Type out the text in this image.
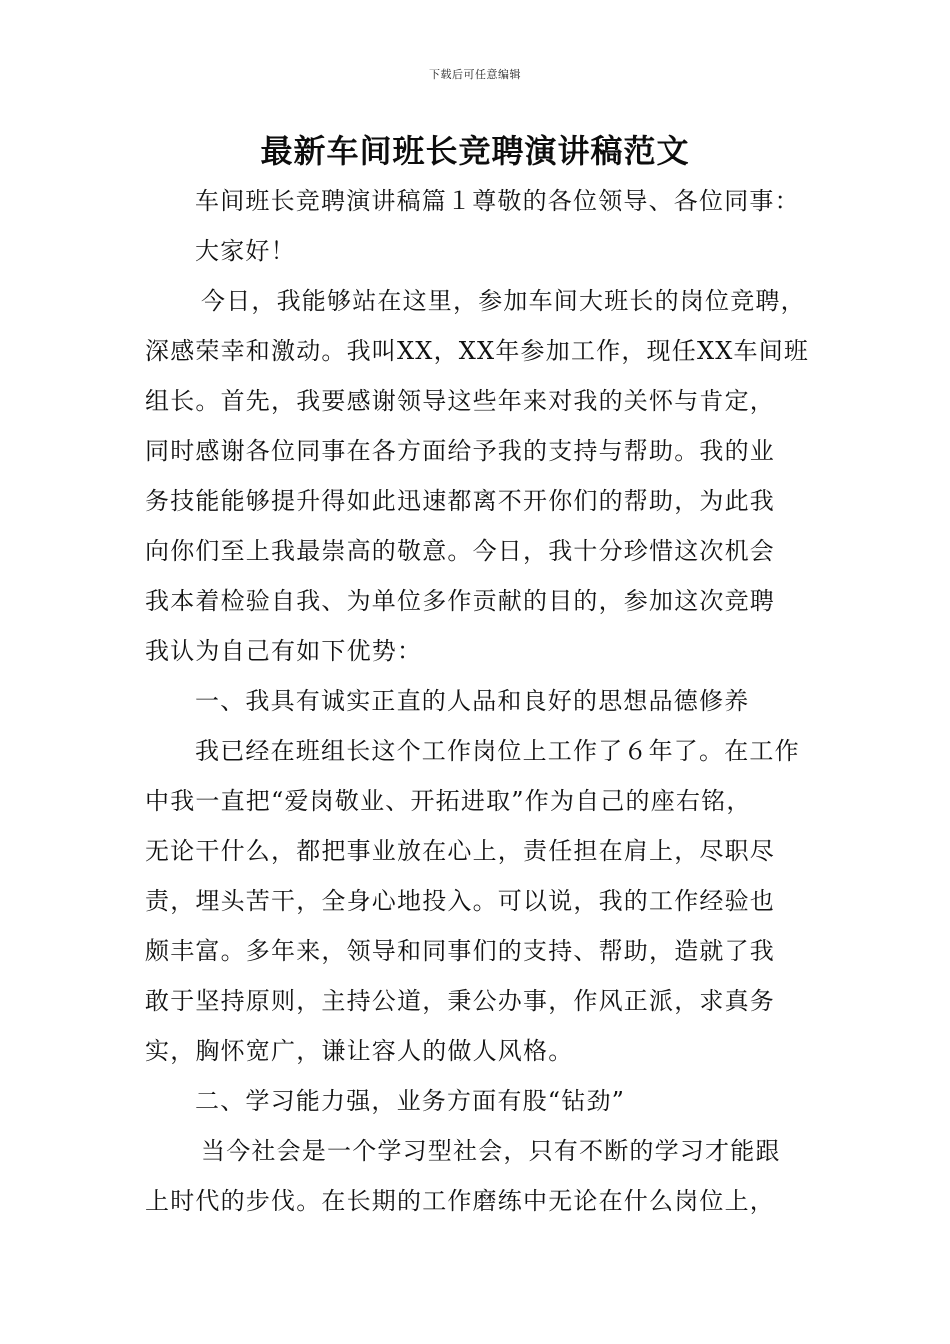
下载后可任意编辑
最新车间班长竞聘演讲稿范文
车间班长竞聘演讲稿篇１尊敬的各位领导、各位同事：
大家好！
今日，我能够站在这里，参加车间大班长的岗位竞聘，
深感荣幸和激动。我叫XX，XX年参加工作，现任XX车间班
组长。首先，我要感谢领导这些年来对我的关怀与肯定，
同时感谢各位同事在各方面给予我的支持与帮助。我的业
务技能能够提升得如此迅速都离不开你们的帮助，为此我
向你们至上我最崇高的敬意。今日，我十分珍惜这次机会
我本着检验自我、为单位多作贡献的目的，参加这次竞聘
我认为自己有如下优势：
一、我具有诚实正直的人品和良好的思想品德修养
我已经在班组长这个工作岗位上工作了６年了。在工作
中我一直把“爱岗敬业、开拓进取”作为自己的座右铭，
无论干什么，都把事业放在心上，责任担在肩上，尽职尽
责，埋头苦干，全身心地投入。可以说，我的工作经验也
颇丰富。多年来，领导和同事们的支持、帮助，造就了我
敢于坚持原则，主持公道，秉公办事，作风正派，求真务
实，胸怀宽广，谦让容人的做人风格。
二、学习能力强，业务方面有股“钻劲”
当今社会是一个学习型社会，只有不断的学习才能跟
上时代的步伐。在长期的工作磨练中无论在什么岗位上，
